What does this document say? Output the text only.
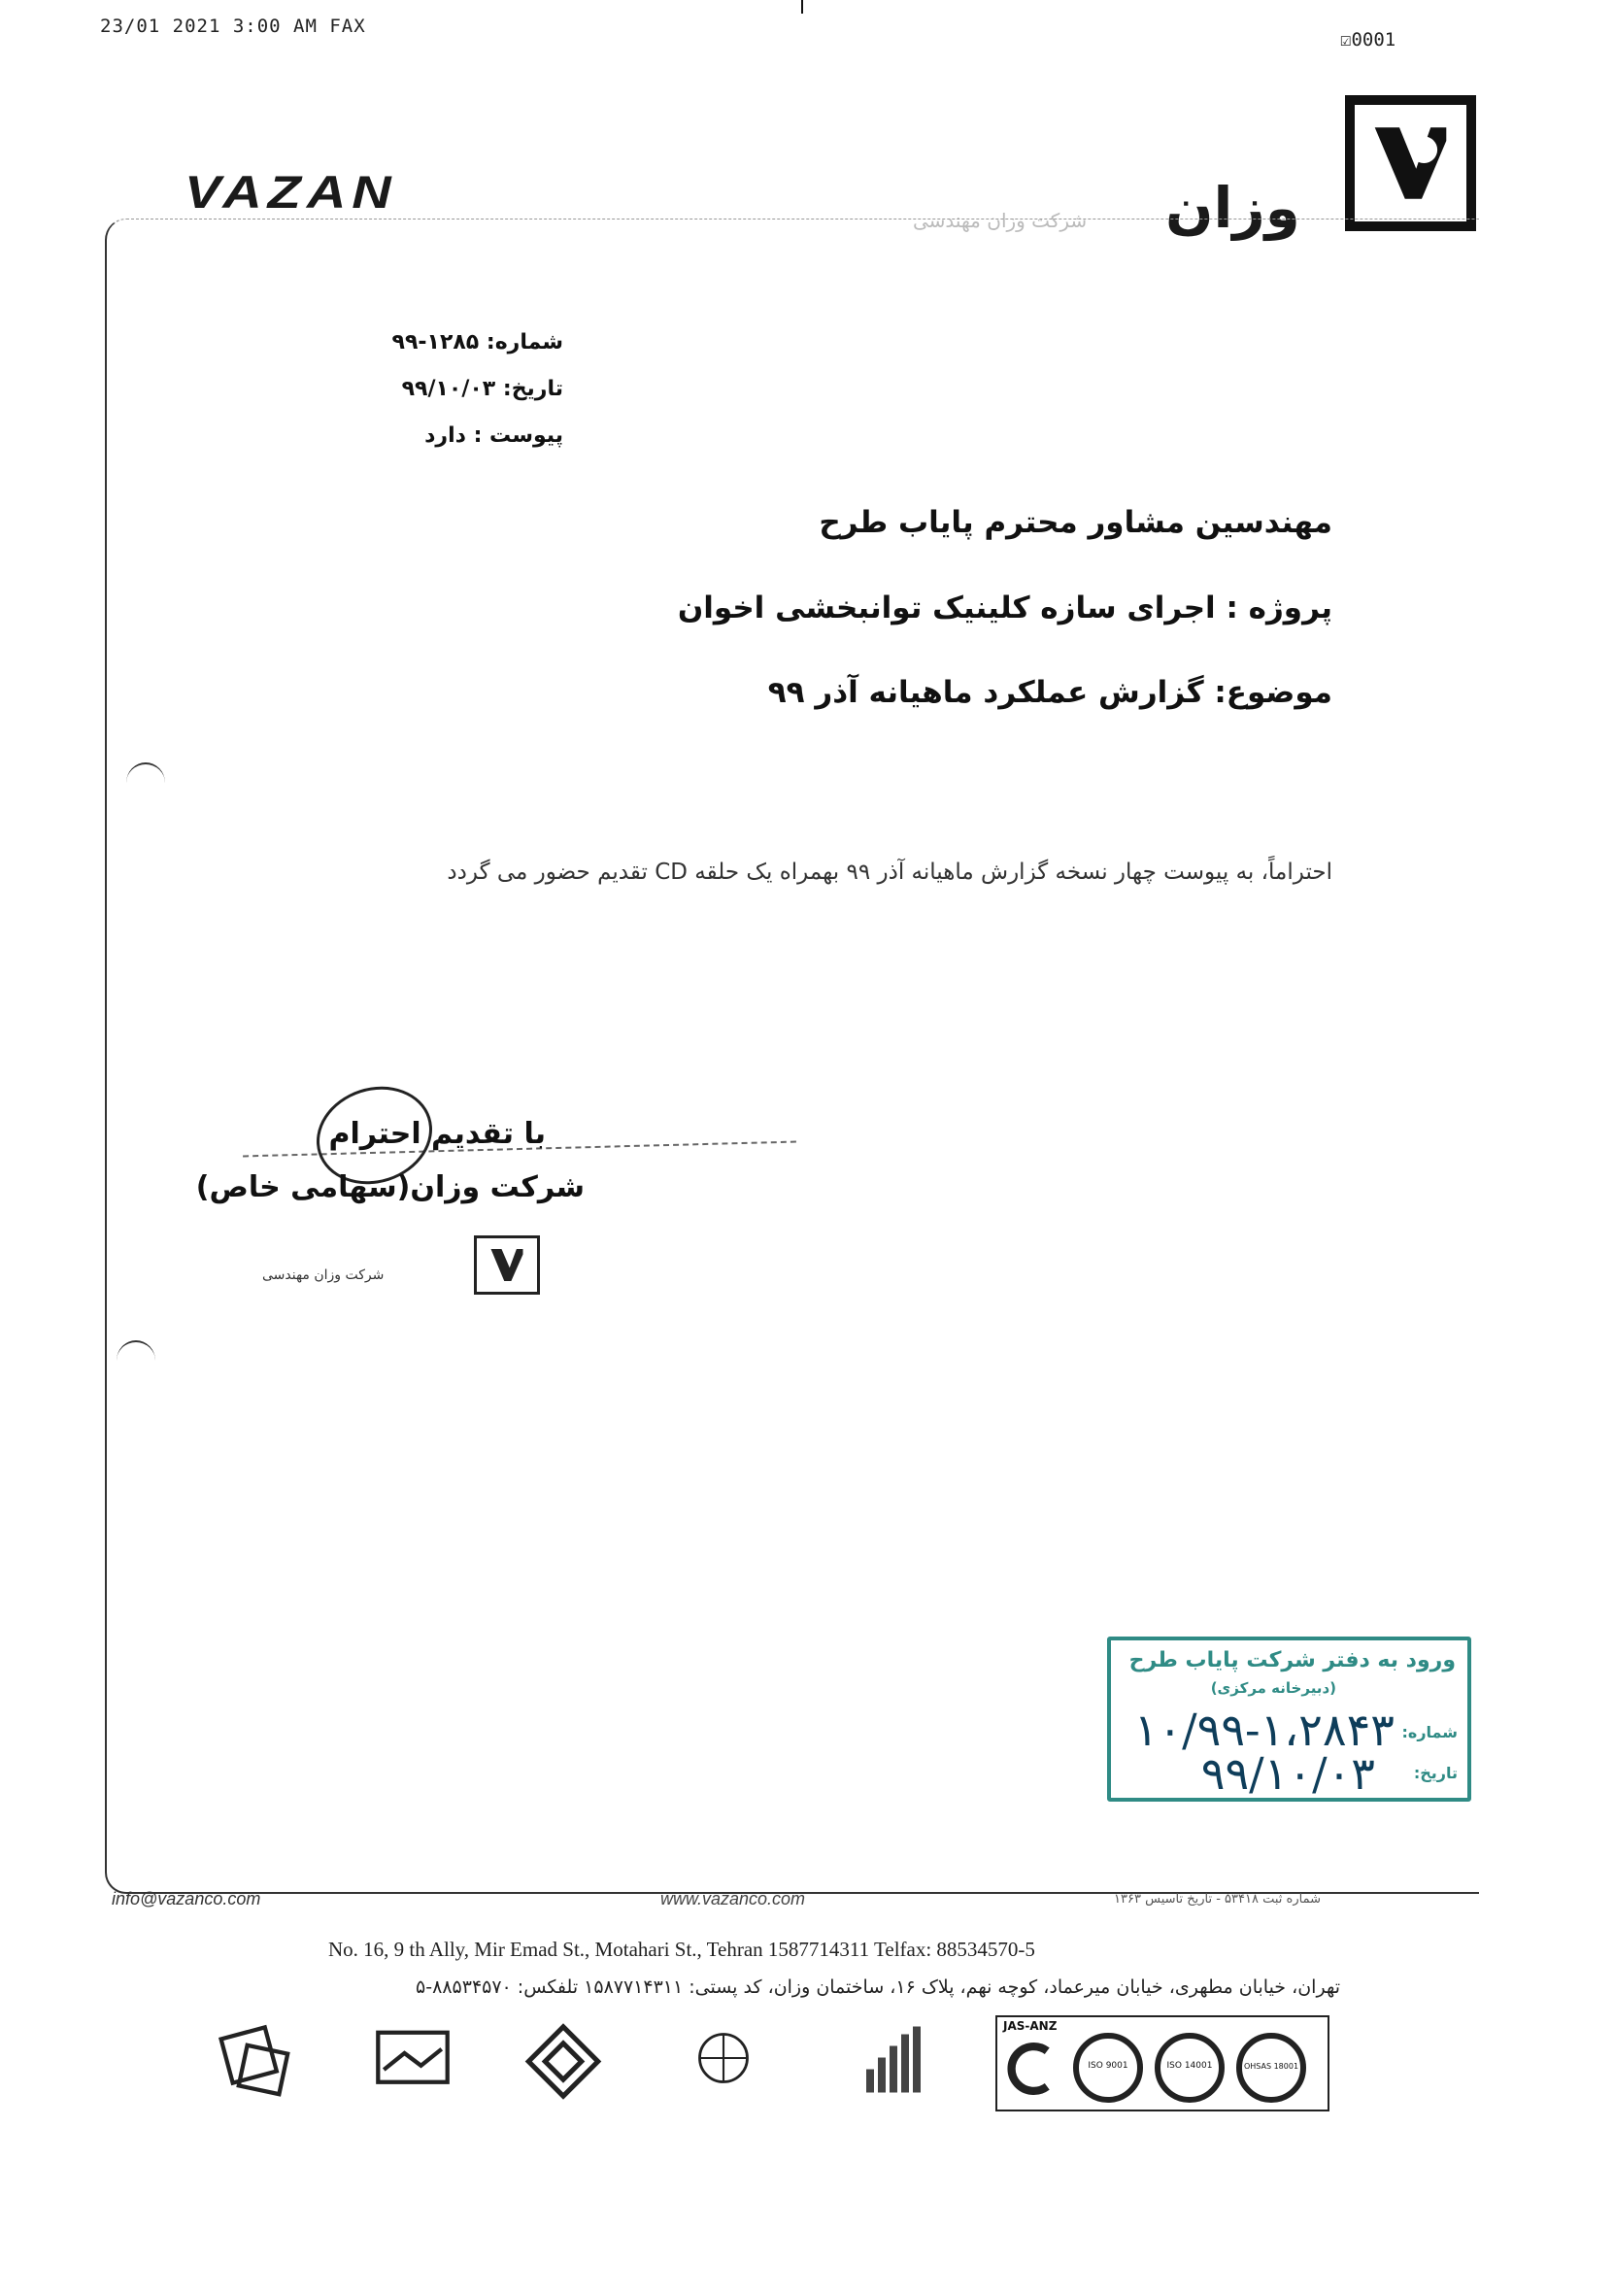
23/01 2021 3:00 AM FAX
☑0001
VAZAN
شرکت وزان مهندسی وزان
شماره: ۱۲۸۵-۹۹
تاریخ: ۹۹/۱۰/۰۳
پیوست : دارد
مهندسین مشاور محترم پایاب طرح
پروژه : اجرای سازه کلینیک توانبخشی اخوان
موضوع: گزارش عملکرد ماهیانه آذر ۹۹
احتراماً، به پیوست چهار نسخه گزارش ماهیانه آذر ۹۹ بهمراه یک حلقه CD تقدیم حضور می گردد
با تقدیم احترام
شرکت وزان(سهامی خاص)
شرکت وزان مهندسی
ورود به دفتر شرکت پایاب طرح
(دبیرخانه مرکزی)
شماره:
۱۰/۹۹-۱،۲۸۴۳
تاریخ:
۹۹/۱۰/۰۳
info@vazanco.com	www.vazanco.com	شماره ثبت ۵۳۴۱۸ - تاریخ تاسیس ۱۳۶۳
No. 16, 9 th Ally, Mir Emad St., Motahari St., Tehran 1587714311 Telfax: 88534570-5
تهران، خیابان مطهری، خیابان میرعماد، کوچه نهم، پلاک ۱۶، ساختمان وزان، کد پستی: ۱۵۸۷۷۱۴۳۱۱ تلفکس: ۸۸۵۳۴۵۷۰-۵
JAS-ANZ
ISO 9001	ISO 14001	OHSAS 18001
